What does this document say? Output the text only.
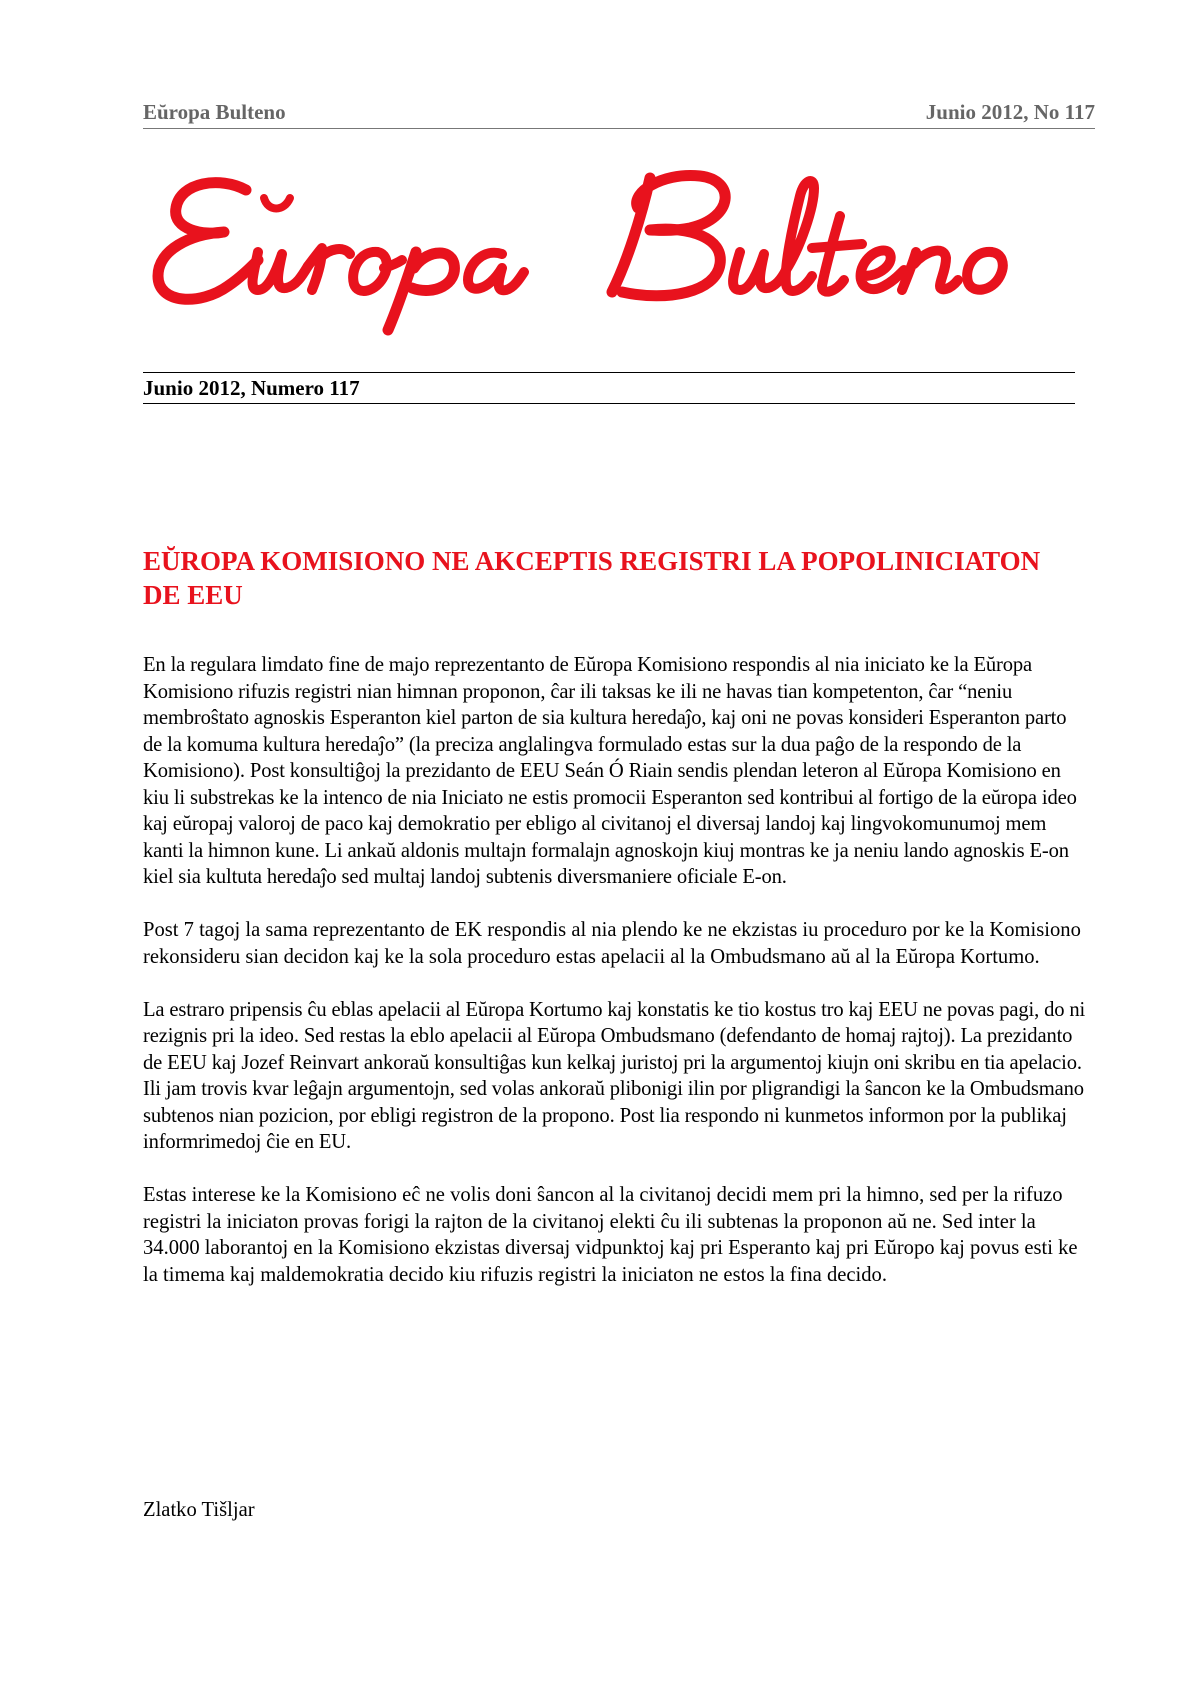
Eŭropa Bulteno	Junio 2012, No 117
Junio 2012, Numero 117
EŬROPA KOMISIONO NE AKCEPTIS REGISTRI LA POPOLINICIATON DE EEU

En la regulara limdato fine de majo reprezentanto de Eŭropa Komisiono respondis al nia iniciato ke la Eŭropa Komisiono rifuzis registri nian himnan proponon, ĉar ili taksas ke ili ne havas tian kompetenton, ĉar “neniu membroŝtato agnoskis Esperanton kiel parton de sia kultura heredaĵo, kaj oni ne povas konsideri Esperanton parto de la komuma kultura heredaĵo” (la preciza anglalingva formulado estas sur la dua paĝo de la respondo de la Komisiono). Post konsultiĝoj la prezidanto de EEU Seán Ó Riain sendis plendan leteron al Eŭropa Komisiono en kiu li substrekas ke la intenco de nia Iniciato ne estis promocii Esperanton sed kontribui al fortigo de la eŭropa ideo kaj eŭropaj valoroj de paco kaj demokratio per ebligo al civitanoj el diversaj landoj kaj lingvokomunumoj mem kanti la himnon kune. Li ankaŭ aldonis multajn formalajn agnoskojn kiuj montras ke ja neniu lando agnoskis E-on kiel sia kultuta heredaĵo sed multaj landoj subtenis diversmaniere oficiale E-on.

Post 7 tagoj la sama reprezentanto de EK respondis al nia plendo ke ne ekzistas iu proceduro por ke la Komisiono rekonsideru sian decidon kaj ke la sola proceduro estas apelacii al la Ombudsmano aŭ al la Eŭropa Kortumo.

La estraro pripensis ĉu eblas apelacii al Eŭropa Kortumo kaj konstatis ke tio kostus tro kaj EEU ne povas pagi, do ni rezignis pri la ideo. Sed restas la eblo apelacii al Eŭropa Ombudsmano (defendanto de homaj rajtoj). La prezidanto de EEU kaj Jozef Reinvart ankoraŭ konsultiĝas kun kelkaj juristoj pri la argumentoj kiujn oni skribu en tia apelacio. Ili jam trovis kvar leĝajn argumentojn, sed volas ankoraŭ plibonigi ilin por pligrandigi la ŝancon ke la Ombudsmano subtenos nian pozicion, por ebligi registron de la propono. Post lia respondo ni kunmetos informon por la publikaj informrimedoj ĉie en EU.

Estas interese ke la Komisiono eĉ ne volis doni ŝancon al la civitanoj decidi mem pri la himno, sed per la rifuzo registri la iniciaton provas forigi la rajton de la civitanoj elekti ĉu ili subtenas la proponon aŭ ne. Sed inter la 34.000 laborantoj en la Komisiono ekzistas diversaj vidpunktoj kaj pri Esperanto kaj pri Eŭropo kaj povus esti ke la timema kaj maldemokratia decido kiu rifuzis registri la iniciaton ne estos la fina decido.

Zlatko Tišljar
